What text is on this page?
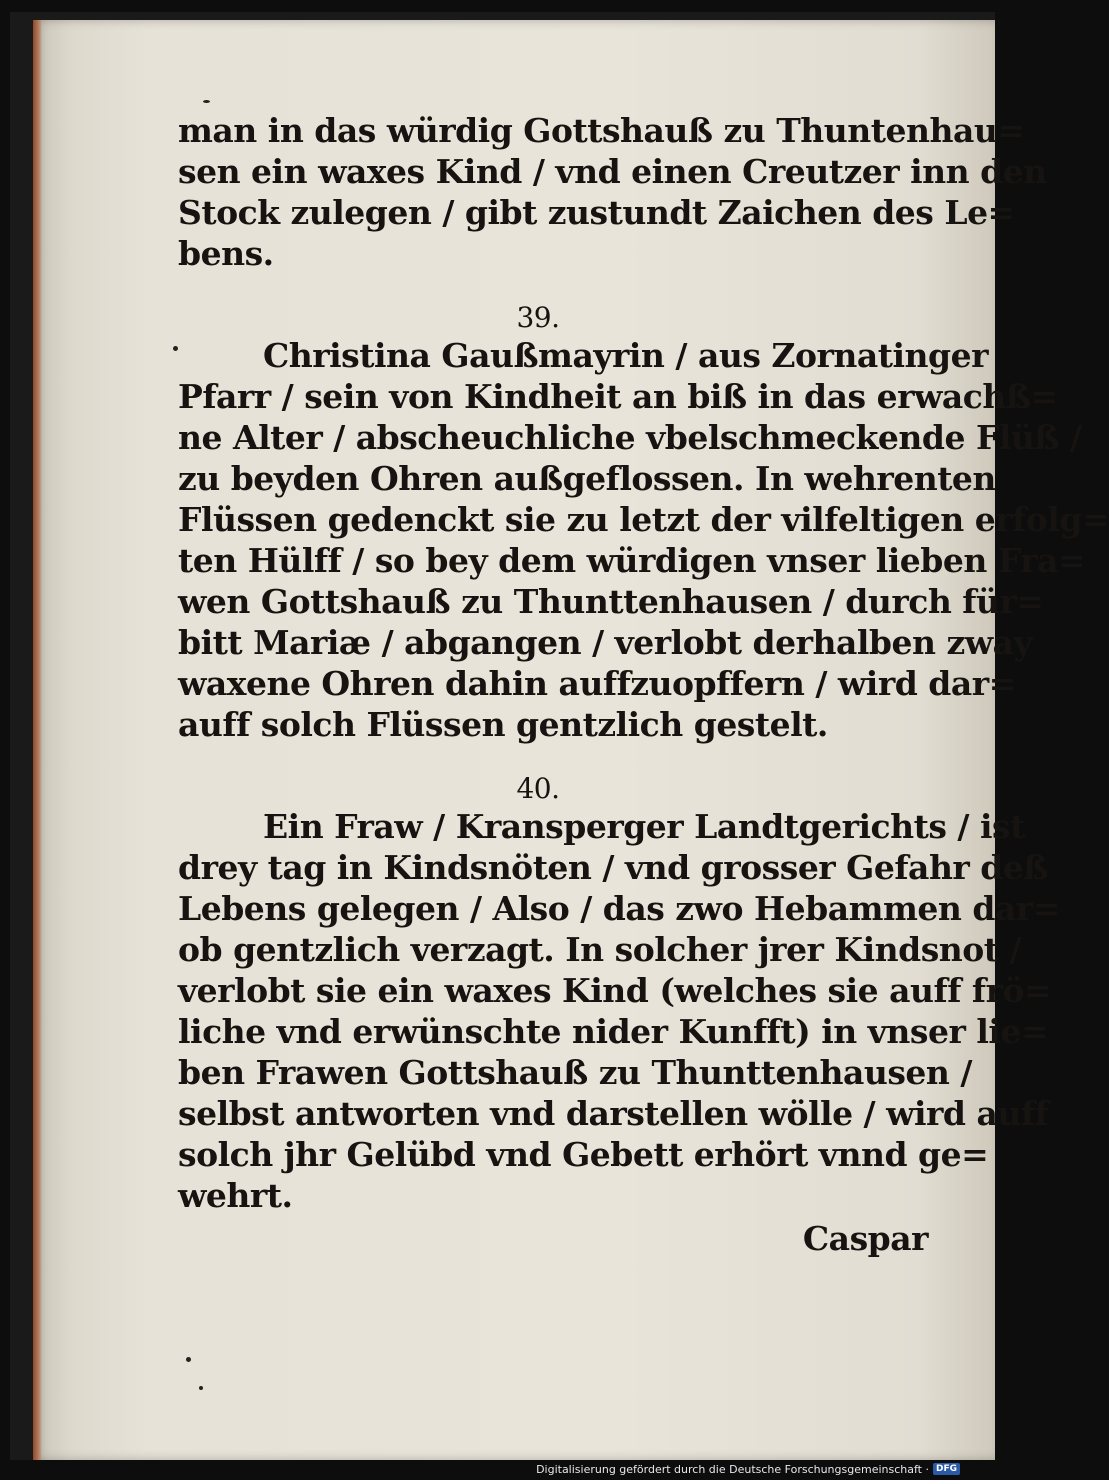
man in das würdig Gottshauß zu Thuntenhau=
sen ein waxes Kind / vnd einen Creutzer inn den
Stock zulegen / gibt zustundt Zaichen des Le=
bens.
39.
Christina Gaußmayrin / aus Zornatinger
Pfarr / sein von Kindheit an biß in das erwachß=
ne Alter / abscheuchliche vbelschmeckende Flüß /
zu beyden Ohren außgeflossen. In wehrenten
Flüssen gedenckt sie zu letzt der vilfeltigen erfolg=
ten Hülff / so bey dem würdigen vnser lieben Fra=
wen Gottshauß zu Thunttenhausen / durch für=
bitt Mariæ / abgangen / verlobt derhalben zway
waxene Ohren dahin auffzuopffern / wird dar=
auff solch Flüssen gentzlich gestelt.
40.
Ein Fraw / Kransperger Landtgerichts / ist
drey tag in Kindsnöten / vnd grosser Gefahr deß
Lebens gelegen / Also / das zwo Hebammen dar=
ob gentzlich verzagt. In solcher jrer Kindsnot /
verlobt sie ein waxes Kind (welches sie auff frö=
liche vnd erwünschte nider Kunfft) in vnser lie=
ben Frawen Gottshauß zu Thunttenhausen /
selbst antworten vnd darstellen wölle / wird auff
solch jhr Gelübd vnd Gebett erhört vnnd ge=
wehrt.
Caspar
Digitalisierung gefördert durch die Deutsche Forschungsgemeinschaft · DFG
